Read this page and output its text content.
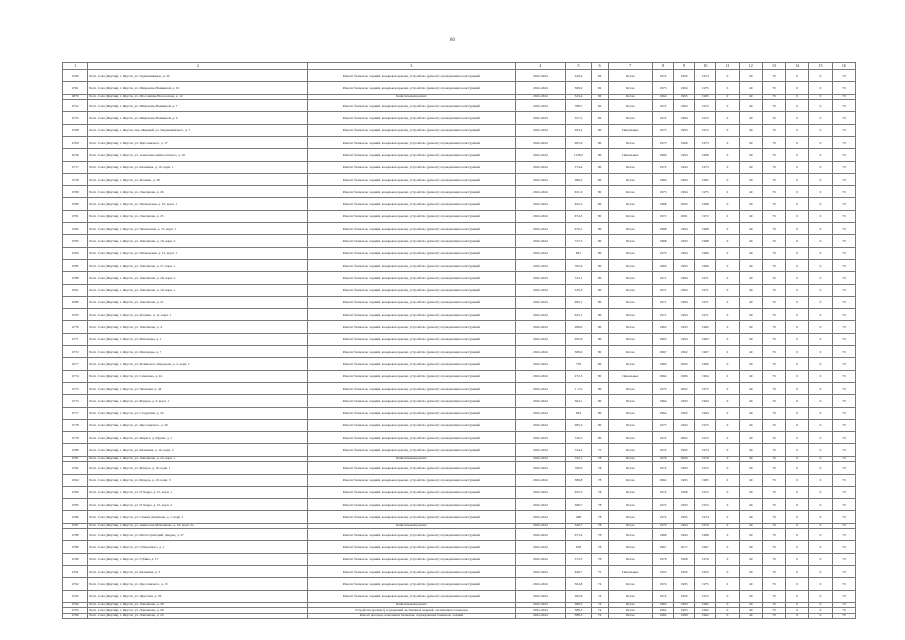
80
1	2	3	4	5	6	7	8	9	10	11	12	13	14	15	16
4760	Респ. Саха (Якутия), г. Якутск, ул. Орджоникидзе, д. 24	Ремонт балконов, лоджий, козырьков крылец, устройство (ремонт) ограждающих конструкций	2022-2024	329,4	82	Бетон	1974	1995	1974	0	40	70	0	0	70
4761	Респ. Саха (Якутия), г. Якутск, ул. Широкова-Ножкиной, д. 10	Ремонт балконов, лоджий, козырьков крылец, устройство (ремонт) ограждающих конструкций	2022-2024	569,9	82	Бетон	1975	1994	1975	0	40	70	0	0	70
4870	Респ. Саха (Якутия), г. Якутск, ул. Шоссейная-Новоселова, д. 12	Капитальный ремонт	2022-2024	343,4	82	Бетон	1964	1995	1965	0	40	70	0	0	70
4752	Респ. Саха (Якутия), г. Якутск, ул. Широкова-Ножкиной, д. 7	Ремонт балконов, лоджий, козырьков крылец, устройство (ремонт) ограждающих конструкций	2022-2024	788,5	82	Бетон	1972	1994	1972	0	40	70	0	0	70
4753	Респ. Саха (Якутия), г. Якутск, ул. Широкова-Ножкиной, д. 9	Ремонт балконов, лоджий, козырьков крылец, устройство (ремонт) ограждающих конструкций	2022-2024	557,2	82	Бетон	1972	1994	1972	0	40	70	0	0	70
4768	Респ. Саха (Якутия), г. Якутск, пер. Мирный, ул. Чернышевского, д. 7	Ремонт балконов, лоджий, козырьков крылец, устройство (ремонт) ограждающих конструкций	2022-2024	293,4	80	Панельные	1973	1993	1972	0	40	70	0	0	70
4709	Респ. Саха (Якутия), г. Якутск, ул. Ярославского, д. 17	Ремонт балконов, лоджий, козырьков крылец, устройство (ремонт) ограждающих конструкций	2022-2024	905,6	80	Бетон	1973	1990	1973	0	40	70	0	0	70
4536	Респ. Саха (Якутия), г. Якутск, ул. Алексеева-Аммосовского, д. 16	Ремонт балконов, лоджий, козырьков крылец, устройство (ремонт) ограждающих конструкций	2022-2024	1128,5	80	Панельные	1969	1994	1968	0	40	70	0	0	70
4717	Респ. Саха (Якутия), г. Якутск, ул. Кальвица, д. 10, корп. 1	Ремонт балконов, лоджий, козырьков крылец, устройство (ремонт) ограждающих конструкций	2022-2024	574,4	80	Бетон	1972	1994	1973	0	40	70	0	0	70
4759	Респ. Саха (Якутия), г. Якутск, ул. Котенко, д. 28	Ремонт балконов, лоджий, козырьков крылец, устройство (ремонт) ограждающих конструкций	2022-2024	586,2	80	Бетон	1964	1994	1965	0	40	70	0	0	70
4769	Респ. Саха (Якутия), г. Якутск, ул. Лонгинова, д. 26	Ремонт балконов, лоджий, козырьков крылец, устройство (ремонт) ограждающих конструкций	2022-2024	631,9	80	Бетон	1975	1994	1975	0	40	70	0	0	70
4780	Респ. Саха (Якутия), г. Якутск, ул. Пионерская, д. 25, корп. 1	Ремонт балконов, лоджий, козырьков крылец, устройство (ремонт) ограждающих конструкций	2022-2024	645,5	80	Бетон	1968	2000	1968	0	40	70	0	0	70
4781	Респ. Саха (Якутия), г. Якутск, ул. Лонгинова, д. 25	Ремонт балконов, лоджий, козырьков крылец, устройство (ремонт) ограждающих конструкций	2022-2024	674,3	80	Бетон	1972	2001	1972	0	40	70	0	0	70
4782	Респ. Саха (Якутия), г. Якутск, ул. Чкаловская, д. 15, корп. 1	Ремонт балконов, лоджий, козырьков крылец, устройство (ремонт) ограждающих конструкций	2022-2024	679,1	80	Бетон	1968	1994	1968	0	40	70	0	0	70
4783	Респ. Саха (Якутия), г. Якутск, ул. Лонгинова, д. 16, корп. 2	Ремонт балконов, лоджий, козырьков крылец, устройство (ремонт) ограждающих конструкций	2022-2024	727,5	80	Бетон	1968	1993	1968	0	40	70	0	0	70
4784	Респ. Саха (Якутия), г. Якутск, ул. Пионерская, д. 15, корп. 1	Ремонт балконов, лоджий, козырьков крылец, устройство (ремонт) ограждающих конструкций	2022-2024	681	80	Бетон	1970	1994	1969	0	40	70	0	0	70
4785	Респ. Саха (Якутия), г. Якутск, ул. Лонгинова, д. 27, корп. 1	Ремонт балконов, лоджий, козырьков крылец, устройство (ремонт) ограждающих конструкций	2022-2024	792,6	80	Бетон	1969	1993	1969	0	40	70	0	0	70
4788	Респ. Саха (Якутия), г. Якутск, ул. Лонгинова, д. 29, корп. 2	Ремонт балконов, лоджий, козырьков крылец, устройство (ремонт) ограждающих конструкций	2022-2024	743,1	80	Бетон	1971	1994	1971	0	40	70	0	0	70
4591	Респ. Саха (Якутия), г. Якутск, ул. Лонгинова, д. 19, корп. 1	Ремонт балконов, лоджий, козырьков крылец, устройство (ремонт) ограждающих конструкций	2022-2024	335,3	80	Бетон	1971	1994	1971	0	40	70	0	0	70
4589	Респ. Саха (Якутия), г. Якутск, ул. Лонгинова, д. 21	Ремонт балконов, лоджий, козырьков крылец, устройство (ремонт) ограждающих конструкций	2022-2024	995,1	80	Бетон	1971	1994	1971	0	40	70	0	0	70
4793	Респ. Саха (Якутия), г. Якутск, ул. Котенко, д. 11, корп. 1	Ремонт балконов, лоджий, козырьков крылец, устройство (ремонт) ограждающих конструкций	2022-2024	943,1	80	Бетон	1971	1994	1971	0	40	70	0	0	70
4776	Респ. Саха (Якутия), г. Якутск, ул. Лонгинова, д. 4	Ремонт балконов, лоджий, козырьков крылец, устройство (ремонт) ограждающих конструкций	2022-2024	288,0	80	Бетон	1962	1993	1962	0	40	70	0	0	70
4771	Респ. Саха (Якутия), г. Якутск, ул. Манчаары, д. 1	Ремонт балконов, лоджий, козырьков крылец, устройство (ремонт) ограждающих конструкций	2022-2024	295,6	80	Бетон	1963	1994	1963	0	40	70	0	0	70
4772	Респ. Саха (Якутия), г. Якутск, ул. Манчаары, д. 7	Ремонт балконов, лоджий, козырьков крылец, устройство (ремонт) ограждающих конструкций	2022-2024	308,6	80	Бетон	1967	1992	1967	0	40	70	0	0	70
4577	Респ. Саха (Якутия), г. Якутск, ул. Белинского-Федорова, д. 2, корп. 1	Ремонт балконов, лоджий, козырьков крылец, устройство (ремонт) ограждающих конструкций	2022-2024	759	80	Бетон	1960	2000	1960	0	40	70	0	0	70
4774	Респ. Саха (Якутия), г. Якутск, ул. Семенова, д. 24	Ремонт балконов, лоджий, козырьков крылец, устройство (ремонт) ограждающих конструкций	2022-2024	272,3	80	Панельные	1964	1996	1964	0	40	70	0	0	70
4775	Респ. Саха (Якутия), г. Якутск, ул. Чкаловая, д. 44	Ремонт балконов, лоджий, козырьков крылец, устройство (ремонт) ограждающих конструкций	2022-2024	1 172	80	Бетон	1970	2002	1975	0	40	70	0	0	70
4773	Респ. Саха (Якутия), г. Якутск, ул. Фёдора, д. 3, корп. 1	Ремонт балконов, лоджий, козырьков крылец, устройство (ремонт) ограждающих конструкций	2022-2024	564,1	80	Бетон	1964	1993	1964	0	40	70	0	0	70
4777	Респ. Саха (Якутия), г. Якутск, ул. Стадухина, д. 20	Ремонт балконов, лоджий, козырьков крылец, устройство (ремонт) ограждающих конструкций	2022-2024	964	80	Бетон	1964	1992	1964	0	40	70	0	0	70
4778	Респ. Саха (Якутия), г. Якутск, ул. Ярославского, д. 26	Ремонт балконов, лоджий, козырьков крылец, устройство (ремонт) ограждающих конструкций	2022-2024	285,2	80	Бетон	1975	1994	1975	0	40	70	0	0	70
4779	Респ. Саха (Якутия), г. Якутск, ул. Маркса, д. Крупы, д. 1	Ремонт балконов, лоджий, козырьков крылец, устройство (ремонт) ограждающих конструкций	2022-2024	726,5	80	Бетон	1972	2002	1972	0	40	70	0	0	70
4780	Респ. Саха (Якутия), г. Якутск, ул. Кальвица, д. 10, корп. 2	Ремонт балконов, лоджий, козырьков крылец, устройство (ремонт) ограждающих конструкций	2022-2024	744,2	75	Бетон	1974	1995	1974	0	40	70	0	0	70
4781	Респ. Саха (Якутия), г. Якутск, ул. Лонгинова, д. 23, корп. 1	Капитальный ремонт	2022-2024	722,1	78	Бетон	1976	2000	1976	0	40	70	0	0	70
4782	Респ. Саха (Якутия), г. Якутск, ул. Фёдора, д. 10, корп. 1	Ремонт балконов, лоджий, козырьков крылец, устройство (ремонт) ограждающих конструкций	2022-2024	760,9	78	Бетон	1972	1993	1972	0	40	70	0	0	70
4592	Респ. Саха (Якутия), г. Якутск, ул. Фёдора, д. 10, корп. 3	Ремонт балконов, лоджий, козырьков крылец, устройство (ремонт) ограждающих конструкций	2022-2024	386,8	78	Бетон	1962	1993	1965	0	40	70	0	0	70
4784	Респ. Саха (Якутия), г. Якутск, ул. П Харра, д. 15, корп. 1	Ремонт балконов, лоджий, козырьков крылец, устройство (ремонт) ограждающих конструкций	2022-2024	925,3	78	Бетон	1972	1996	1972	0	40	70	0	0	70
4785	Респ. Саха (Якутия), г. Якутск, ул. П Харра, д. 15, корп. 2	Ремонт балконов, лоджий, козырьков крылец, устройство (ремонт) ограждающих конструкций	2022-2024	368,7	78	Бетон	1972	1993	1972	0	40	70	0	0	70
4786	Респ. Саха (Якутия), г. Якутск, ул. Семена Данилова, д. 1, корп. 1	Ремонт балконов, лоджий, козырьков крылец, устройство (ремонт) ограждающих конструкций	2022-2024	468	78	Бетон	1974	1995	1974	0	40	70	0	0	70
4787	Респ. Саха (Якутия), г. Якутск, ул. Аммосова-Максимова, д. 16, корп. 2а	Капитальный ремонт	2022-2024	349,7	78	Бетон	1970	1994	1970	0	40	70	0	0	70
4788	Респ. Саха (Якутия), г. Якутск, ул. Мечта Григорий, Дворец, д. 27	Ремонт балконов, лоджий, козырьков крылец, устройство (ремонт) ограждающих конструкций	2022-2024	673,4	78	Бетон	1968	1994	1968	0	40	70	0	0	70
4789	Респ. Саха (Якутия), г. Якутск, ул. Губернского, д. 1	Ремонт балконов, лоджий, козырьков крылец, устройство (ремонт) ограждающих конструкций	2022-2024	658	78	Бетон	1967	2017	1967	0	40	70	0	0	70
4790	Респ. Саха (Якутия), г. Якутск, ул. Губина, д. 17	Ремонт балконов, лоджий, козырьков крылец, устройство (ремонт) ограждающих конструкций	2022-2024	574,5	78	Бетон	1976	1998	1976	0	40	70	0	0	70
4791	Респ. Саха (Якутия), г. Якутск, ул. Кальвица, д. 3	Ремонт балконов, лоджий, козырьков крылец, устройство (ремонт) ограждающих конструкций	2022-2024	648,7	75	Панельные	1955	1995	1955	0	40	70	0	0	70
4792	Респ. Саха (Якутия), г. Якутск, ул. Ярославского, д. 15	Ремонт балконов, лоджий, козырьков крылец, устройство (ремонт) ограждающих конструкций	2022-2024	504,8	74	Бетон	1974	1995	1975	0	40	70	0	0	70
4793	Респ. Саха (Якутия), г. Якутск, ул. Якутская, д. 20	Ремонт балконов, лоджий, козырьков крылец, устройство (ремонт) ограждающих конструкций	2022-2024	592,8	74	Бетон	1972	1995	1972	0	40	70	0	0	70
4794	Респ. Саха (Якутия), г. Якутск, ул. Лонгинова, д. 28	Капитальный ремонт	2022-2024	588,3	74	Бетон	1962	1993	1962	0	40	70	0	0	70
4795	Респ. Саха (Якутия), г. Якутск, ул. Лонгинова, д. 28	Устройство (ремонт) ограждений лестничных маршей, лестничных площадок	2022-2024	588,3	74	Бетон	1962	1993	1962	0	40	70	0	0	70
4796	Респ. Саха (Якутия), г. Якутск, ул. Лонгинова, д. 24	Ремонт фасадов, цокольных балконов, ограждающих балконов, лоджий	2022-2024	588,3	74	Бетон	1962	1999	1962	0	40	70	0	0	70
